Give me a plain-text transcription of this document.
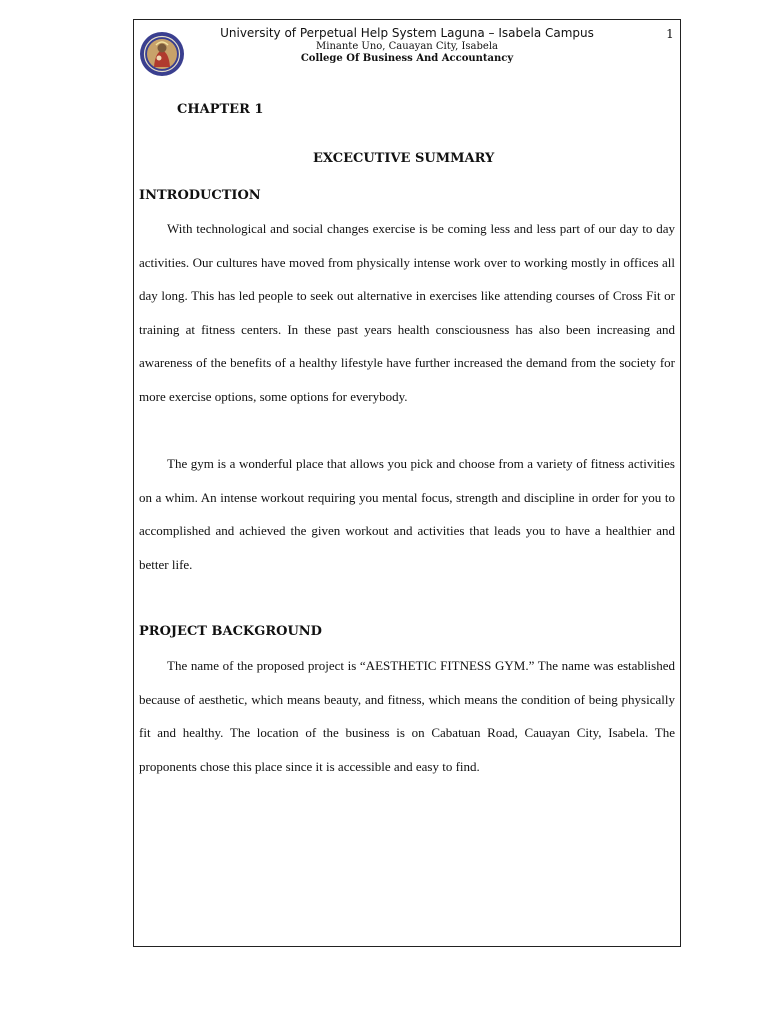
University of Perpetual Help System Laguna – Isabela Campus
Minante Uno, Cauayan City, Isabela
College Of Business And Accountancy
1
CHAPTER 1
EXCECUTIVE SUMMARY
INTRODUCTION

With technological and social changes exercise is be coming less and less part of our day to day activities. Our cultures have moved from physically intense work over to working mostly in offices all day long. This has led people to seek out alternative in exercises like attending courses of Cross Fit or training at fitness centers. In these past years health consciousness has also been increasing and awareness of the benefits of a healthy lifestyle have further increased the demand from the society for more exercise options, some options for everybody.

The gym is a wonderful place that allows you pick and choose from a variety of fitness activities on a whim. An intense workout requiring you mental focus, strength and discipline in order for you to accomplished and achieved the given workout and activities that leads you to have a healthier and better life.

PROJECT BACKGROUND

The name of the proposed project is “AESTHETIC FITNESS GYM.” The name was established because of aesthetic, which means beauty, and fitness, which means the condition of being physically fit and healthy. The location of the business is on Cabatuan Road, Cauayan City, Isabela. The proponents chose this place since it is accessible and easy to find.
